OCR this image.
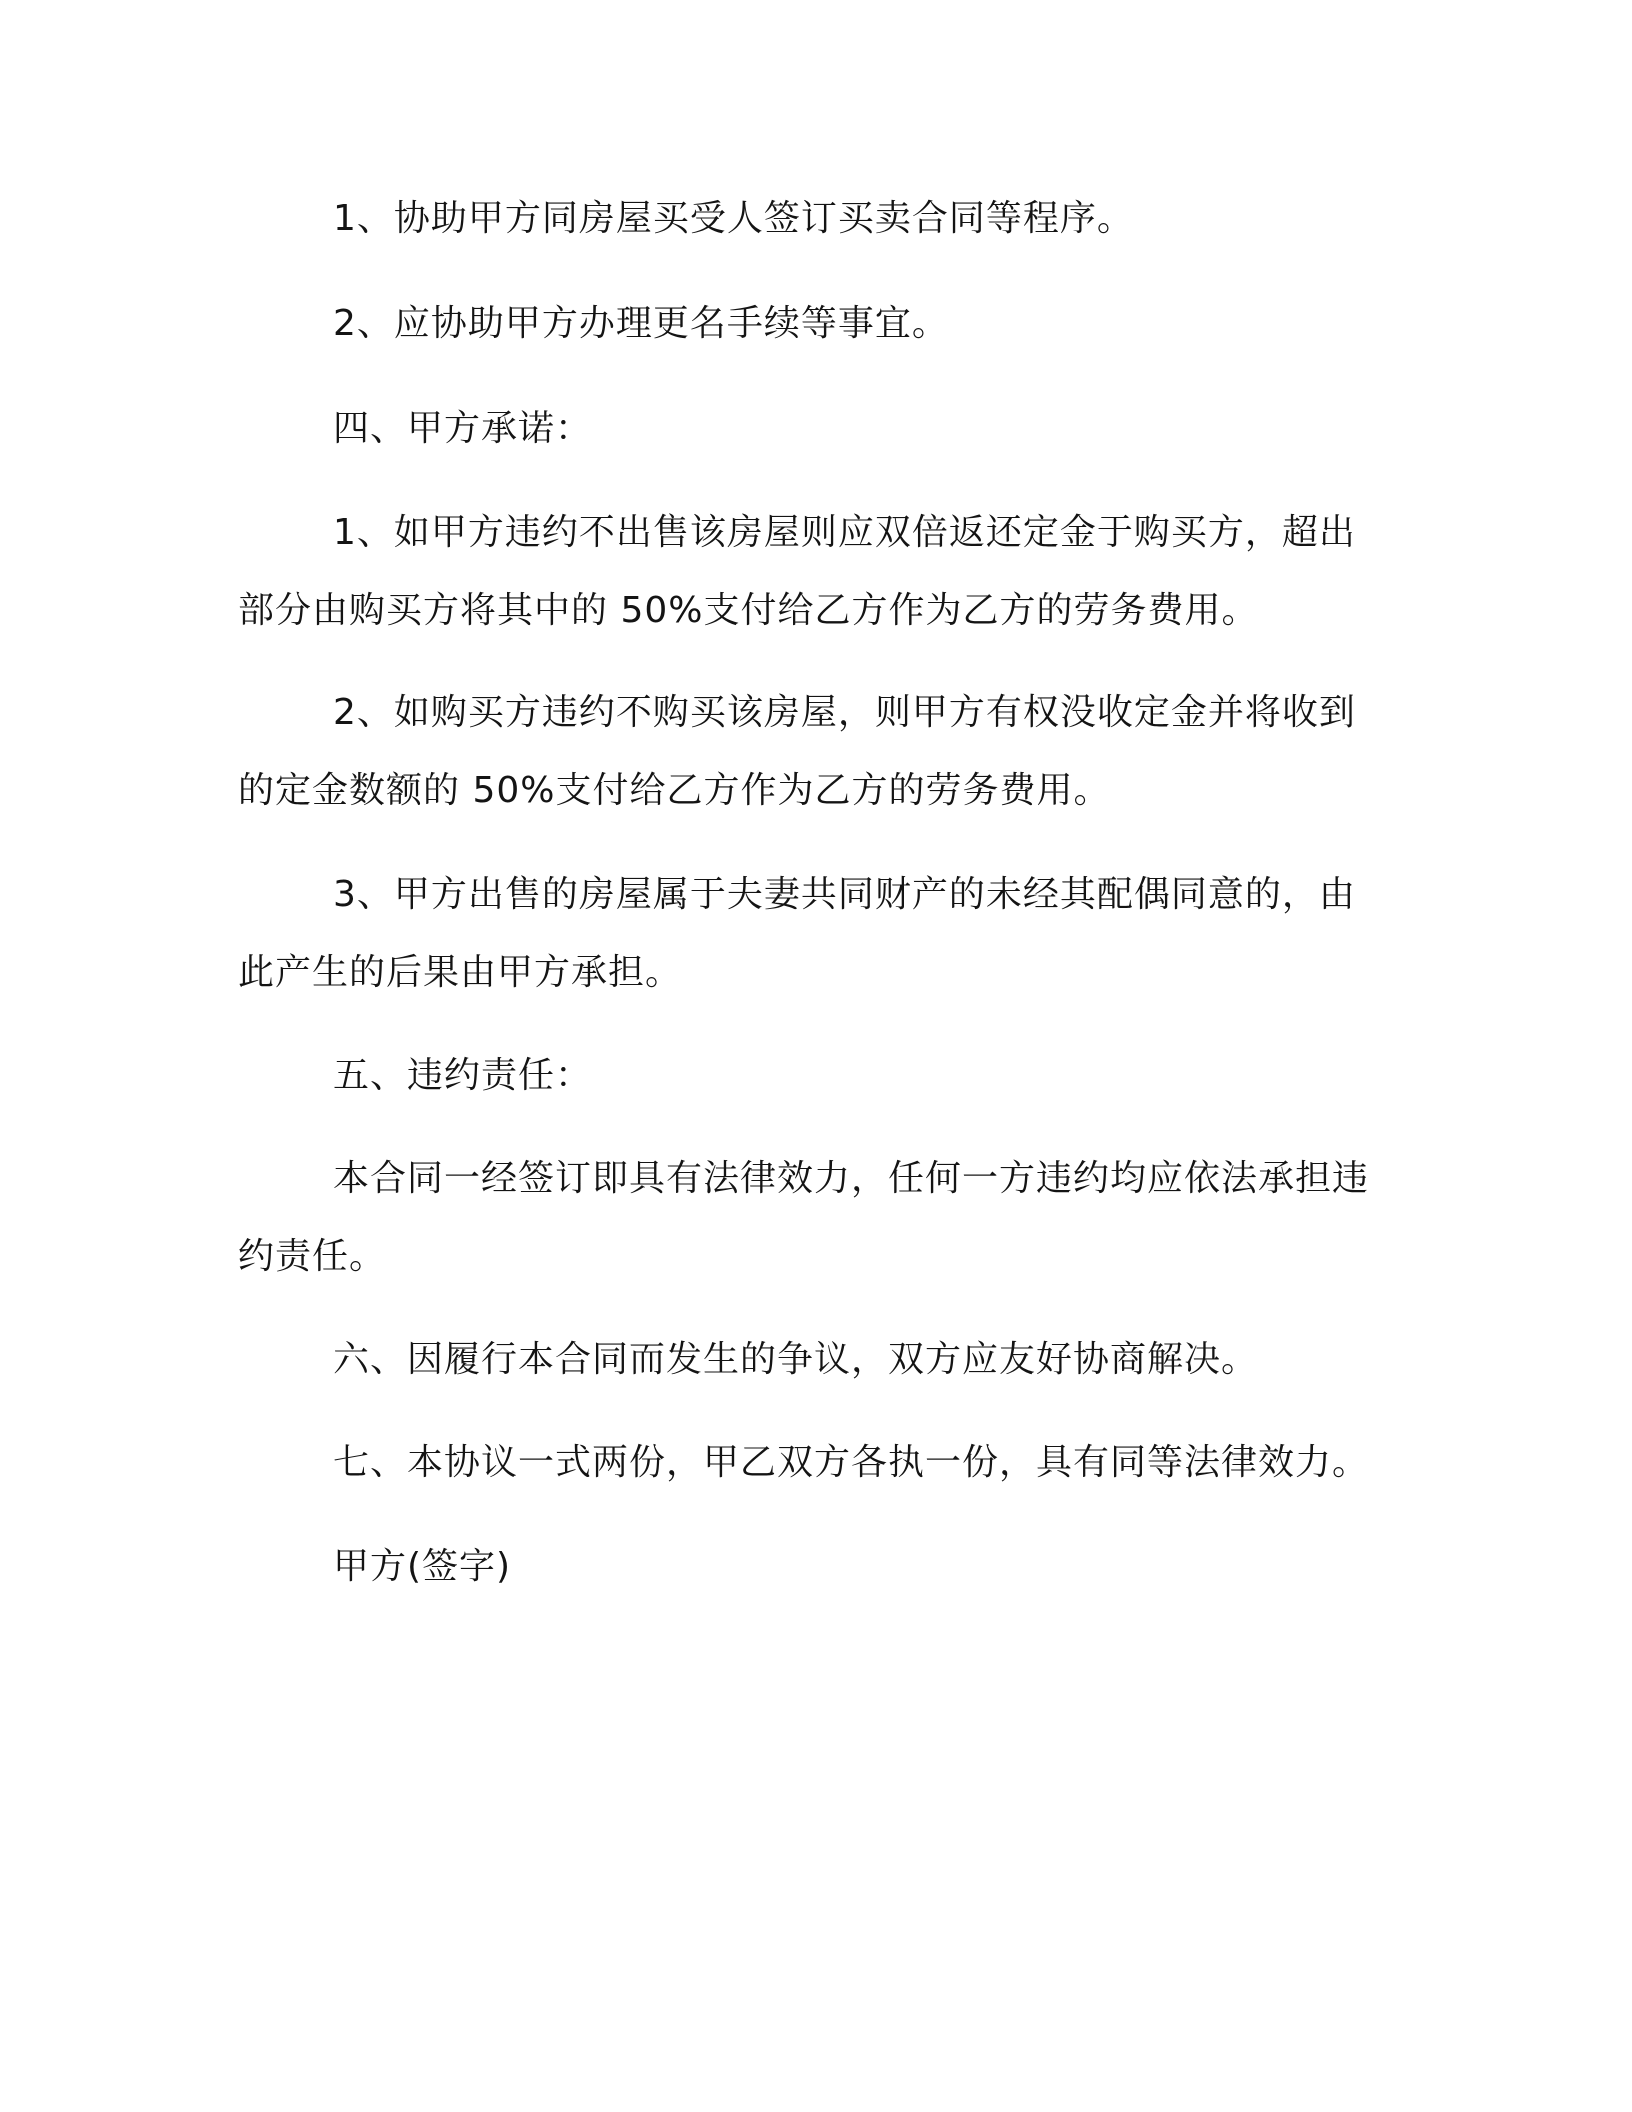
1、协助甲方同房屋买受人签订买卖合同等程序。

2、应协助甲方办理更名手续等事宜。

四、甲方承诺：

1、如甲方违约不出售该房屋则应双倍返还定金于购买方，超出部分由购买方将其中的 50%支付给乙方作为乙方的劳务费用。

2、如购买方违约不购买该房屋，则甲方有权没收定金并将收到的定金数额的 50%支付给乙方作为乙方的劳务费用。

3、甲方出售的房屋属于夫妻共同财产的未经其配偶同意的，由此产生的后果由甲方承担。

五、违约责任：

本合同一经签订即具有法律效力，任何一方违约均应依法承担违约责任。

六、因履行本合同而发生的争议，双方应友好协商解决。

七、本协议一式两份，甲乙双方各执一份，具有同等法律效力。

甲方(签字)
